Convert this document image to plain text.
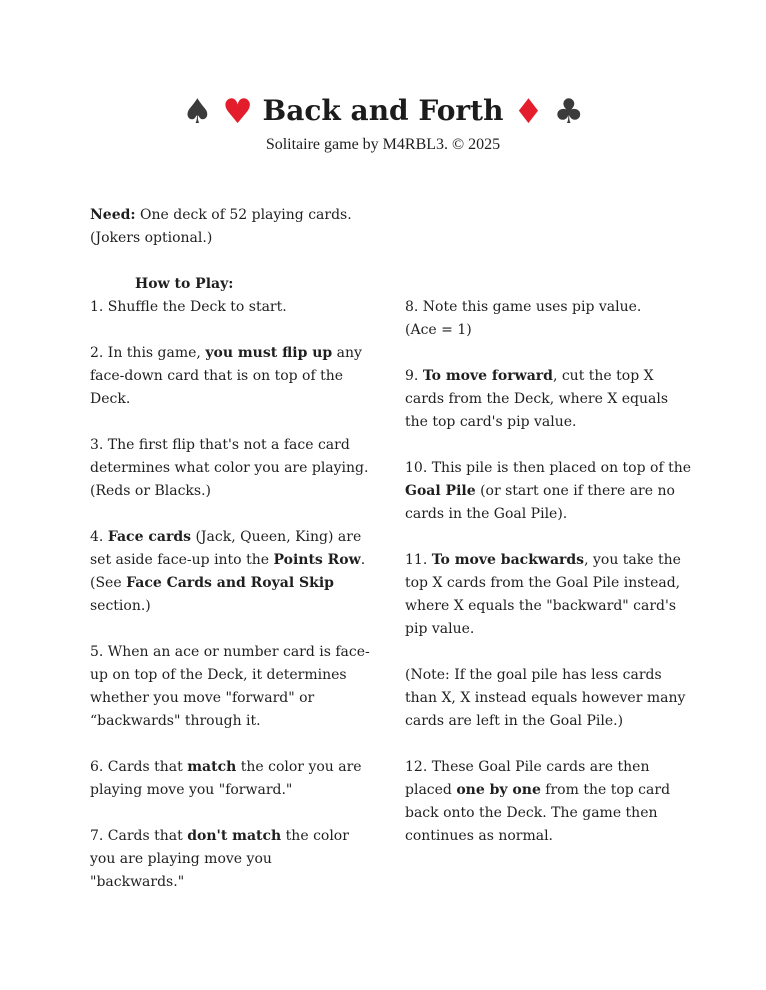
♠ ♥ Back and Forth ♦ ♣
Solitaire game by M4RBL3. © 2025

Need: One deck of 52 playing cards.
(Jokers optional.)

How to Play:

1. Shuffle the Deck to start.

2. In this game, you must flip up any face-down card that is on top of the Deck.

3. The first flip that's not a face card determines what color you are playing.
(Reds or Blacks.)

4. Face cards (Jack, Queen, King) are set aside face-up into the Points Row.
(See Face Cards and Royal Skip section.)

5. When an ace or number card is face-up on top of the Deck, it determines whether you move "forward" or “backwards" through it.

6. Cards that match the color you are playing move you "forward."

7. Cards that don't match the color you are playing move you "backwards."

8. Note this game uses pip value.
(Ace = 1)

9. To move forward, cut the top X cards from the Deck, where X equals the top card's pip value.

10. This pile is then placed on top of the Goal Pile (or start one if there are no cards in the Goal Pile).

11. To move backwards, you take the top X cards from the Goal Pile instead, where X equals the "backward" card's pip value.

(Note: If the goal pile has less cards than X, X instead equals however many cards are left in the Goal Pile.)

12. These Goal Pile cards are then placed one by one from the top card back onto the Deck. The game then continues as normal.
